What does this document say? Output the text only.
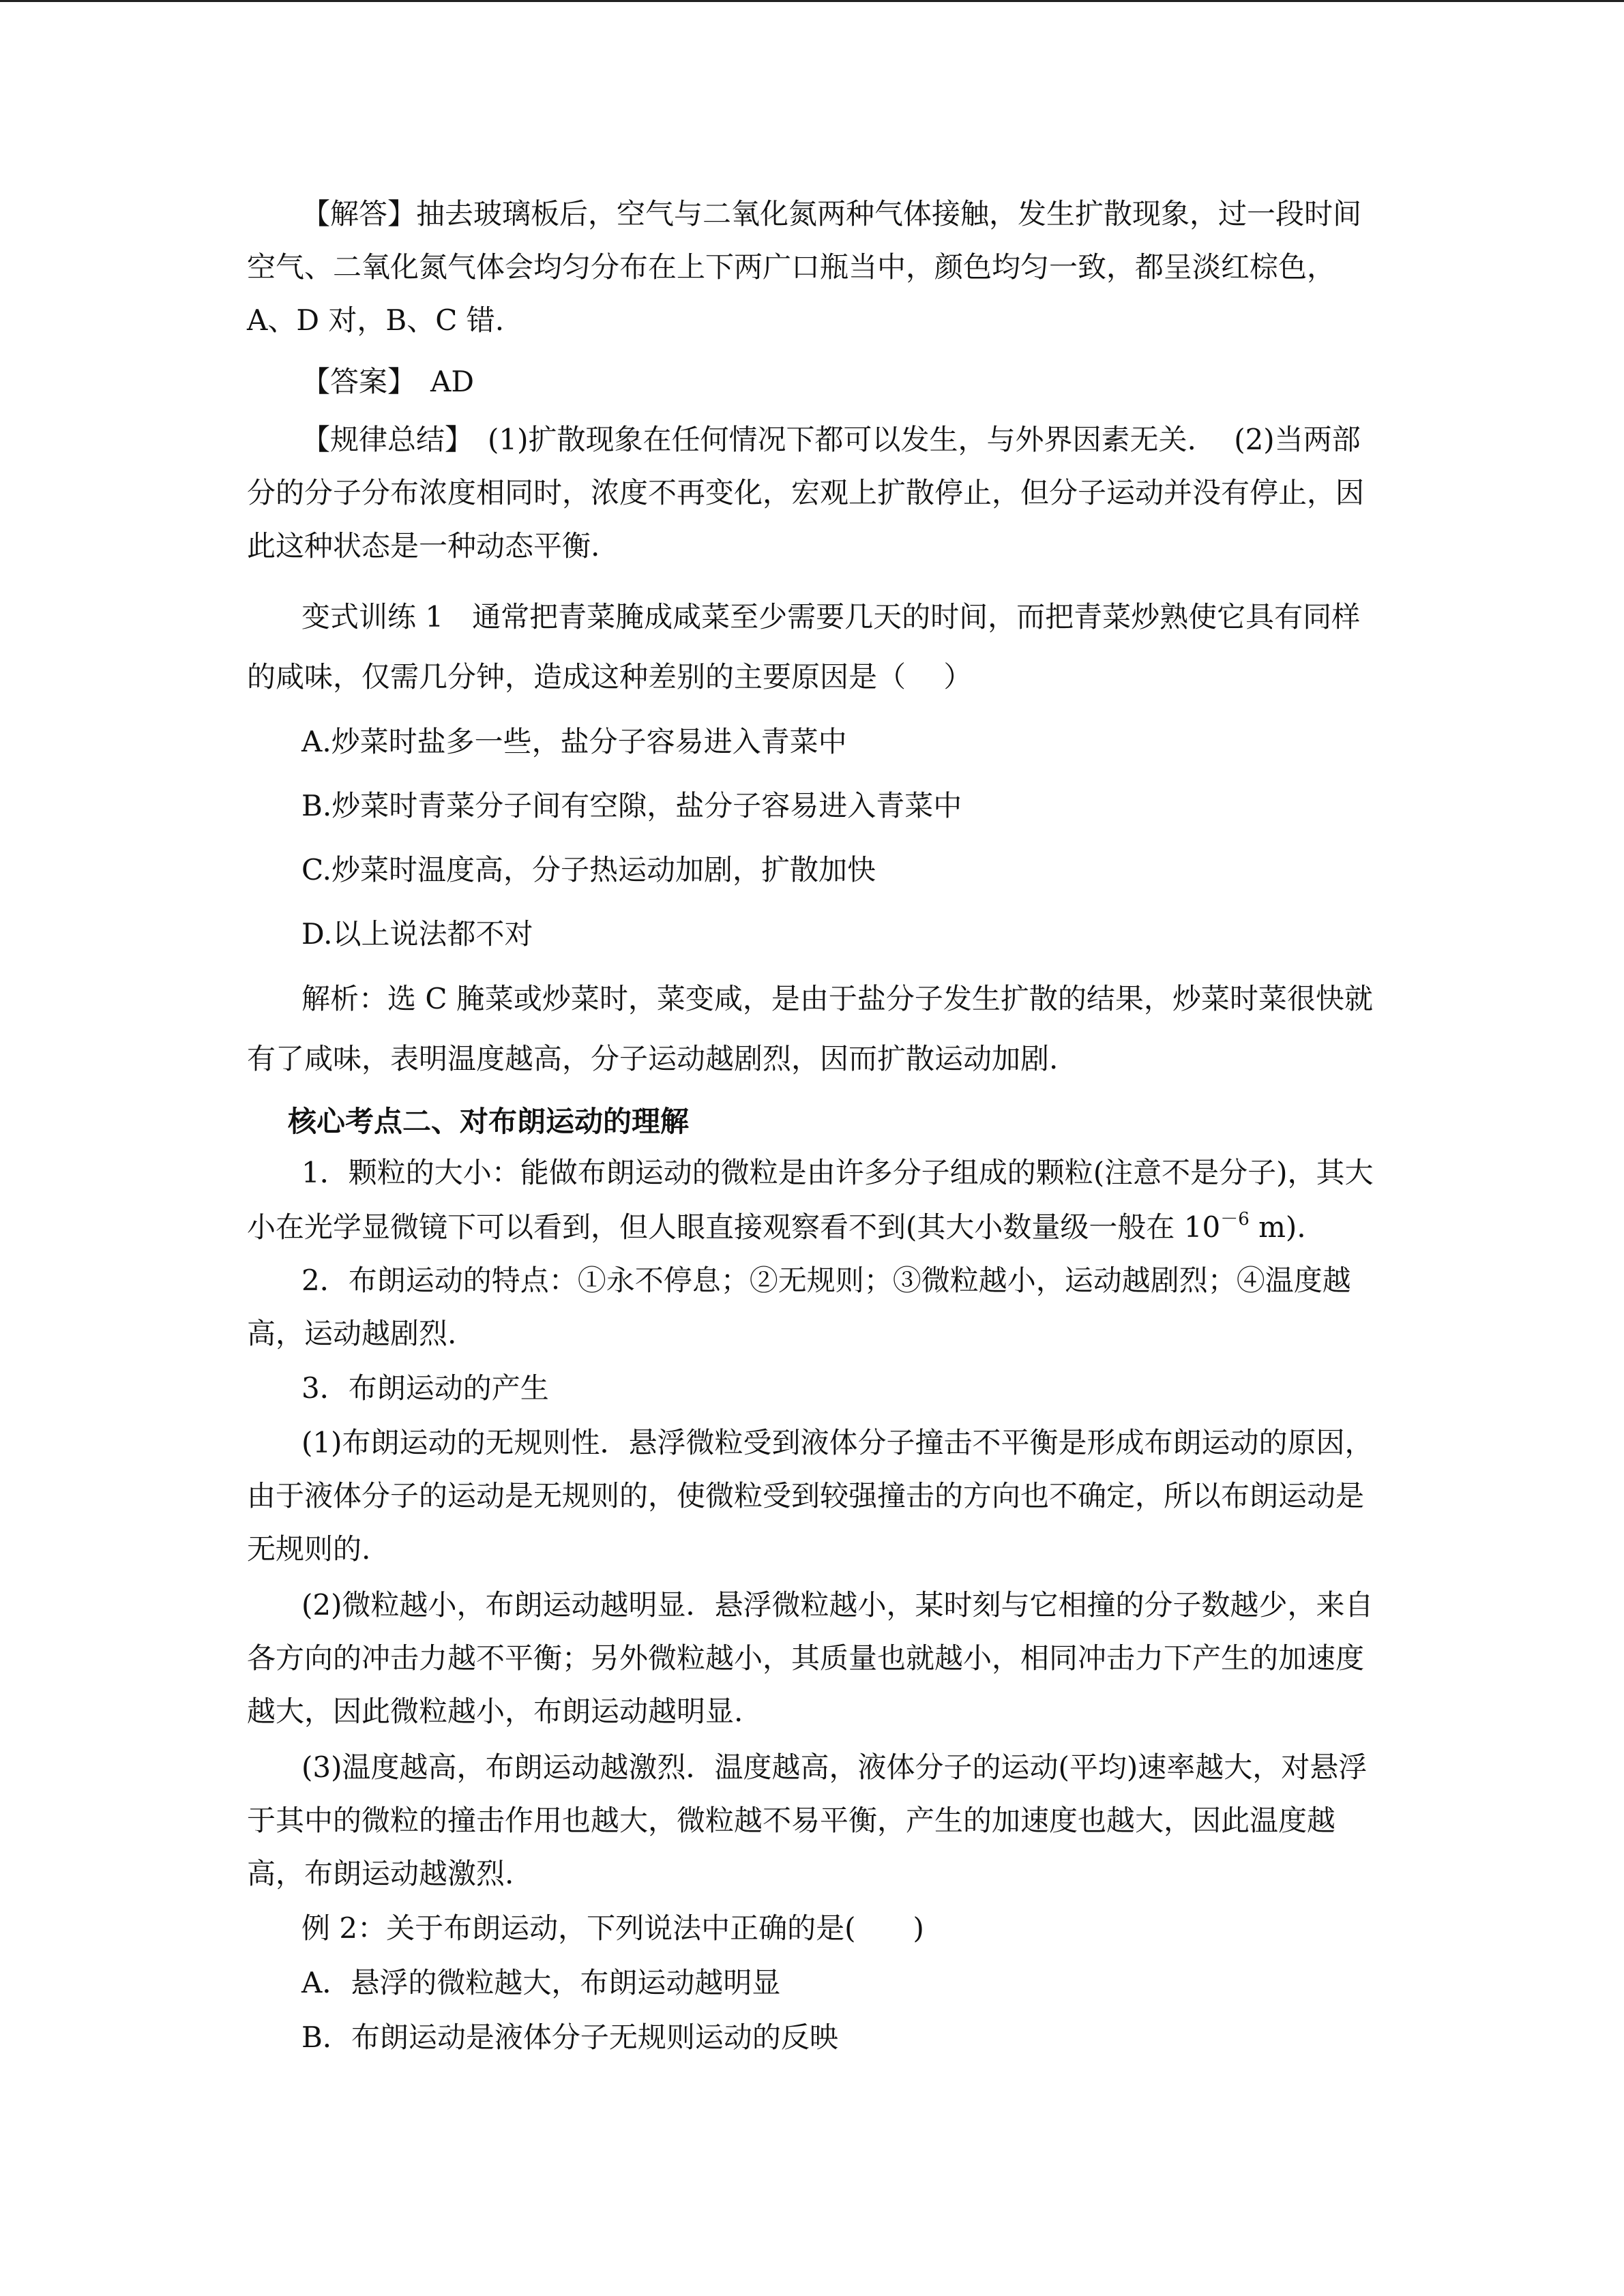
【解答】抽去玻璃板后，空气与二氧化氮两种气体接触，发生扩散现象，过一段时间
空气、二氧化氮气体会均匀分布在上下两广口瓶当中，颜色均匀一致，都呈淡红棕色，
A、D 对，B、C 错.
【答案】　AD
【规律总结】　(1)扩散现象在任何情况下都可以发生，与外界因素无关.　 (2)当两部
分的分子分布浓度相同时，浓度不再变化，宏观上扩散停止，但分子运动并没有停止，因
此这种状态是一种动态平衡.
变式训练 1　通常把青菜腌成咸菜至少需要几天的时间，而把青菜炒熟使它具有同样
的咸味，仅需几分钟，造成这种差别的主要原因是（　 ）
A.炒菜时盐多一些，盐分子容易进入青菜中
B.炒菜时青菜分子间有空隙，盐分子容易进入青菜中
C.炒菜时温度高，分子热运动加剧，扩散加快
D.以上说法都不对
解析：选 C 腌菜或炒菜时，菜变咸，是由于盐分子发生扩散的结果，炒菜时菜很快就
有了咸味，表明温度越高，分子运动越剧烈，因而扩散运动加剧.
核心考点二、对布朗运动的理解
1．颗粒的大小：能做布朗运动的微粒是由许多分子组成的颗粒(注意不是分子)，其大
小在光学显微镜下可以看到，但人眼直接观察看不到(其大小数量级一般在 $10^{-6}$ m).
2．布朗运动的特点：①永不停息；②无规则；③微粒越小，运动越剧烈；④温度越
高，运动越剧烈.
3．布朗运动的产生
(1)布朗运动的无规则性．悬浮微粒受到液体分子撞击不平衡是形成布朗运动的原因，
由于液体分子的运动是无规则的，使微粒受到较强撞击的方向也不确定，所以布朗运动是
无规则的.
(2)微粒越小，布朗运动越明显．悬浮微粒越小，某时刻与它相撞的分子数越少，来自
各方向的冲击力越不平衡；另外微粒越小，其质量也就越小，相同冲击力下产生的加速度
越大，因此微粒越小，布朗运动越明显.
(3)温度越高，布朗运动越激烈．温度越高，液体分子的运动(平均)速率越大，对悬浮
于其中的微粒的撞击作用也越大，微粒越不易平衡，产生的加速度也越大，因此温度越
高，布朗运动越激烈.
例 2：关于布朗运动，下列说法中正确的是(　　)
A．悬浮的微粒越大，布朗运动越明显
B．布朗运动是液体分子无规则运动的反映
